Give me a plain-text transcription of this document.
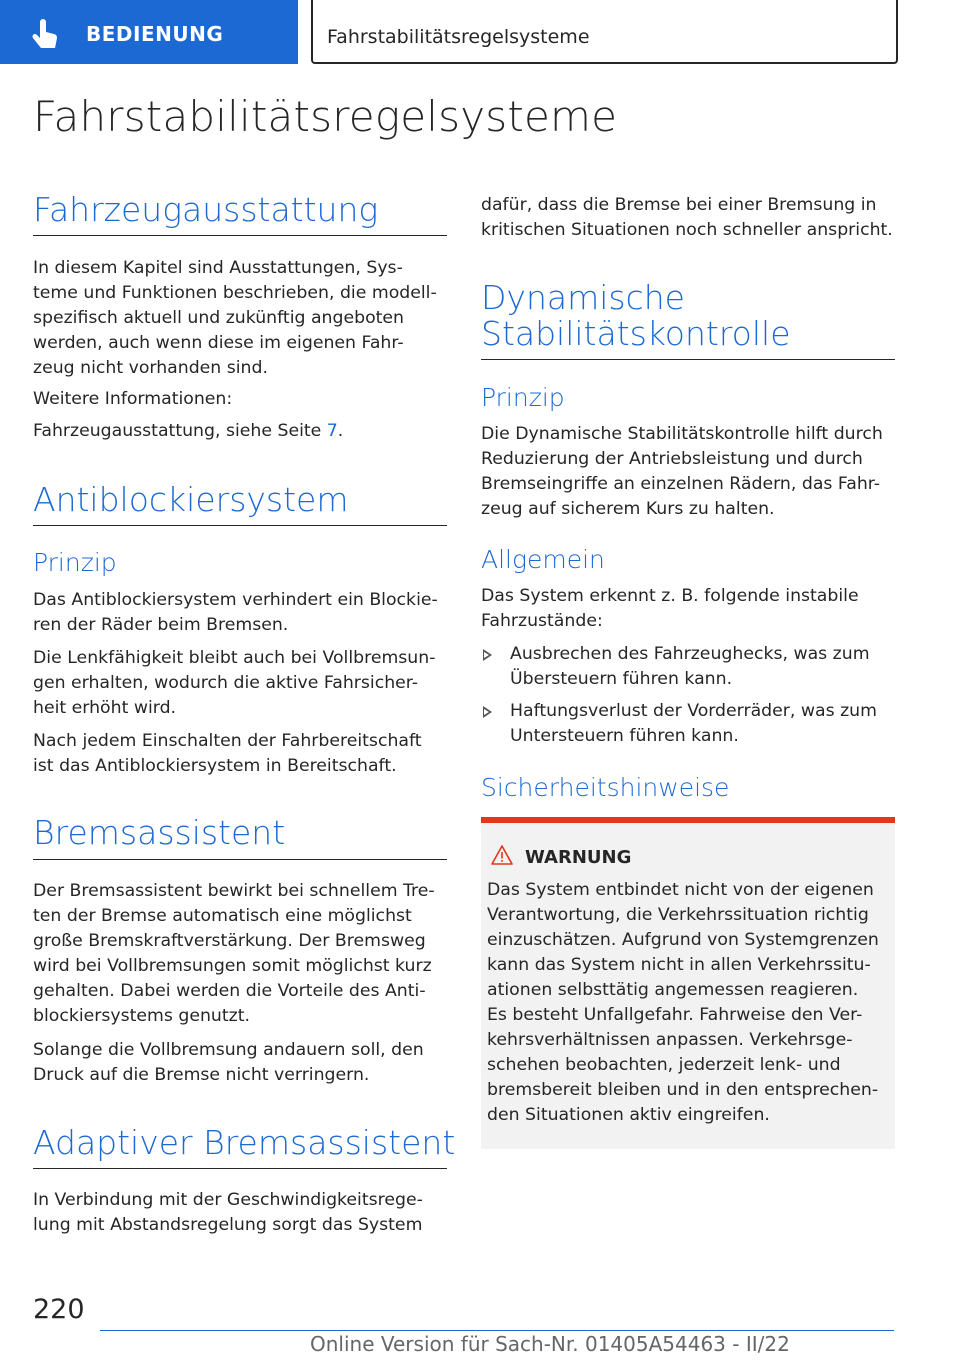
BEDIENUNG	Fahrstabilitätsregelsysteme
Fahrstabilitätsregelsysteme
Fahrzeugausstattung
In diesem Kapitel sind Ausstattungen, Sys-
teme und Funktionen beschrieben, die modell-
spezifisch aktuell und zukünftig angeboten
werden, auch wenn diese im eigenen Fahr-
zeug nicht vorhanden sind.
Weitere Informationen:
Fahrzeugausstattung, siehe Seite 7.
Antiblockiersystem
Prinzip
Das Antiblockiersystem verhindert ein Blockie-
ren der Räder beim Bremsen.
Die Lenkfähigkeit bleibt auch bei Vollbremsun-
gen erhalten, wodurch die aktive Fahrsicher-
heit erhöht wird.
Nach jedem Einschalten der Fahrbereitschaft
ist das Antiblockiersystem in Bereitschaft.
Bremsassistent
Der Bremsassistent bewirkt bei schnellem Tre-
ten der Bremse automatisch eine möglichst
große Bremskraftverstärkung. Der Bremsweg
wird bei Vollbremsungen somit möglichst kurz
gehalten. Dabei werden die Vorteile des Anti-
blockiersystems genutzt.
Solange die Vollbremsung andauern soll, den
Druck auf die Bremse nicht verringern.
Adaptiver Bremsassistent
In Verbindung mit der Geschwindigkeitsrege-
lung mit Abstandsregelung sorgt das System
dafür, dass die Bremse bei einer Bremsung in
kritischen Situationen noch schneller anspricht.
Dynamische
Stabilitätskontrolle
Prinzip
Die Dynamische Stabilitätskontrolle hilft durch
Reduzierung der Antriebsleistung und durch
Bremseingriffe an einzelnen Rädern, das Fahr-
zeug auf sicherem Kurs zu halten.
Allgemein
Das System erkennt z. B. folgende instabile
Fahrzustände:
Ausbrechen des Fahrzeughecks, was zum
Übersteuern führen kann.
Haftungsverlust der Vorderräder, was zum
Untersteuern führen kann.
Sicherheitshinweise
WARNUNG
Das System entbindet nicht von der eigenen
Verantwortung, die Verkehrssituation richtig
einzuschätzen. Aufgrund von Systemgrenzen
kann das System nicht in allen Verkehrssitu-
ationen selbsttätig angemessen reagieren.
Es besteht Unfallgefahr. Fahrweise den Ver-
kehrsverhältnissen anpassen. Verkehrsge-
schehen beobachten, jederzeit lenk- und
bremsbereit bleiben und in den entsprechen-
den Situationen aktiv eingreifen.
220
Online Version für Sach-Nr. 01405A54463 - II/22
